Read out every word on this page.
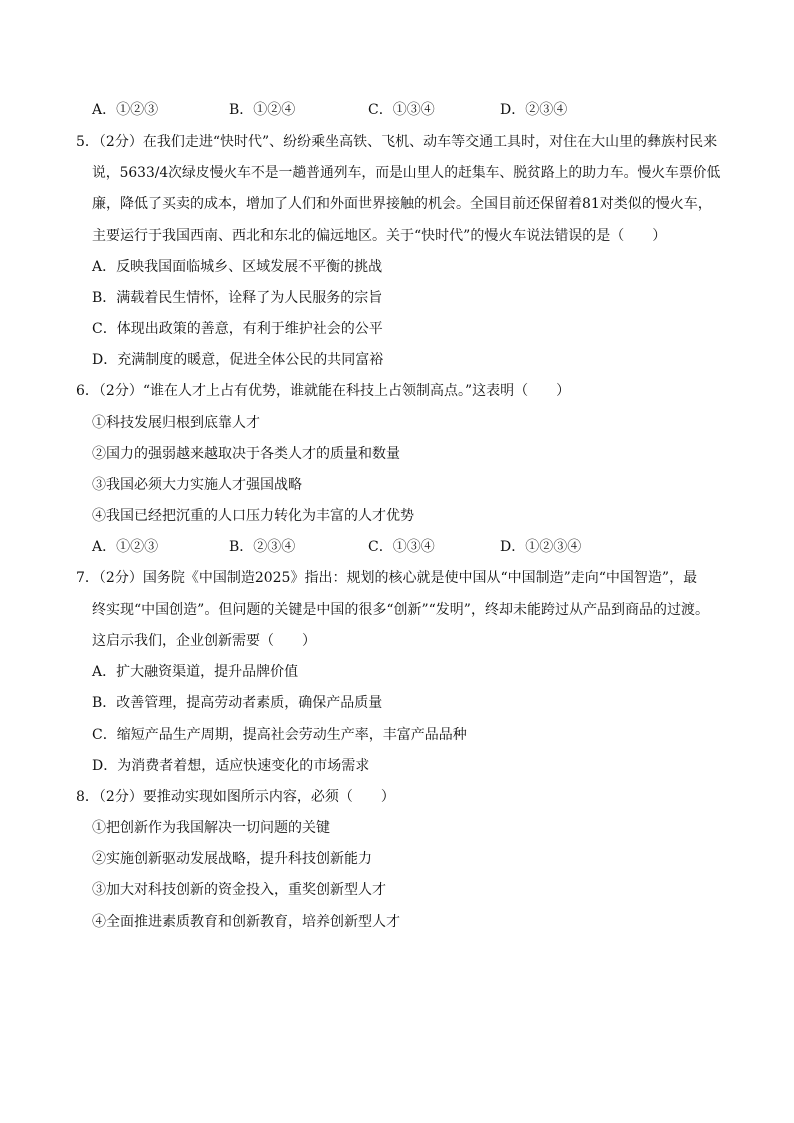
A．①②③	B．①②④	C．①③④	D．②③④
5．（2分）在我们走进“快时代”、纷纷乘坐高铁、飞机、动车等交通工具时，对住在大山里的彝族村民来
说，5633/4次绿皮慢火车不是一趟普通列车，而是山里人的赶集车、脱贫路上的助力车。慢火车票价低
廉，降低了买卖的成本，增加了人们和外面世界接触的机会。全国目前还保留着81对类似的慢火车，
主要运行于我国西南、西北和东北的偏远地区。关于“快时代”的慢火车说法错误的是（　　）
A．反映我国面临城乡、区域发展不平衡的挑战
B．满载着民生情怀，诠释了为人民服务的宗旨
C．体现出政策的善意，有利于维护社会的公平
D．充满制度的暖意，促进全体公民的共同富裕
6．（2分）“谁在人才上占有优势，谁就能在科技上占领制高点。”这表明（　　）
①科技发展归根到底靠人才
②国力的强弱越来越取决于各类人才的质量和数量
③我国必须大力实施人才强国战略
④我国已经把沉重的人口压力转化为丰富的人才优势
A．①②③	B．②③④	C．①③④	D．①②③④
7．（2分）国务院《中国制造2025》指出：规划的核心就是使中国从“中国制造”走向“中国智造”，最
终实现“中国创造”。但问题的关键是中国的很多“创新”“发明”，终却未能跨过从产品到商品的过渡。
这启示我们，企业创新需要（　　）
A．扩大融资渠道，提升品牌价值
B．改善管理，提高劳动者素质，确保产品质量
C．缩短产品生产周期，提高社会劳动生产率，丰富产品品种
D．为消费者着想，适应快速变化的市场需求
8．（2分）要推动实现如图所示内容，必须（　　）
①把创新作为我国解决一切问题的关键
②实施创新驱动发展战略，提升科技创新能力
③加大对科技创新的资金投入，重奖创新型人才
④全面推进素质教育和创新教育，培养创新型人才
